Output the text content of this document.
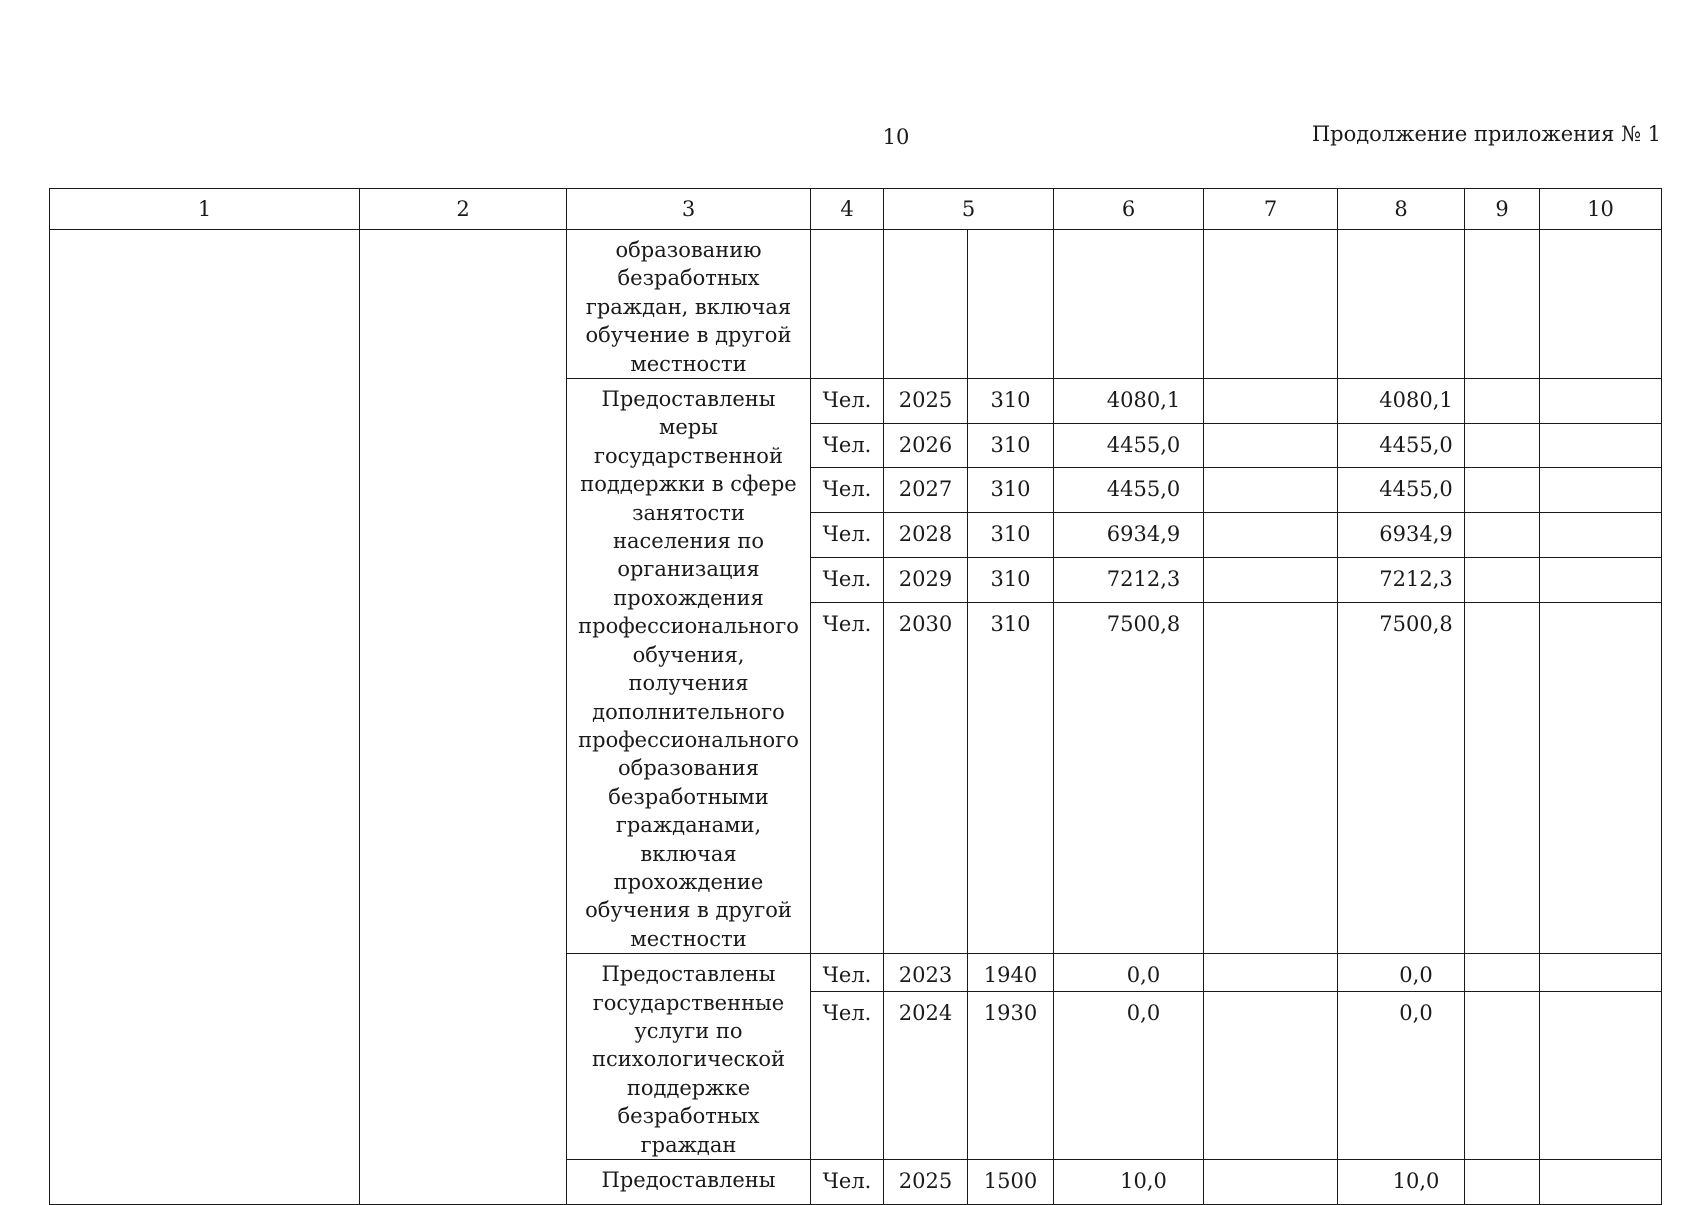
10	Продолжение приложения № 1
1	2	3	4	5		6	7	8	9	10
		образованию безработных граждан, включая обучение в другой местности								
		Предоставлены меры государственной поддержки в сфере занятости населения по организация прохождения профессионального обучения, получения дополнительного профессионального образования безработными гражданами, включая прохождение обучения в другой местности	Чел.	2025	310	4080,1		4080,1		
			Чел.	2026	310	4455,0		4455,0		
			Чел.	2027	310	4455,0		4455,0		
			Чел.	2028	310	6934,9		6934,9		
			Чел.	2029	310	7212,3		7212,3		
			Чел.	2030	310	7500,8		7500,8		
		Предоставлены государственные услуги по психологической поддержке безработных граждан	Чел.	2023	1940	0,0		0,0		
			Чел.	2024	1930	0,0		0,0		
		Предоставлены	Чел.	2025	1500	10,0		10,0		
